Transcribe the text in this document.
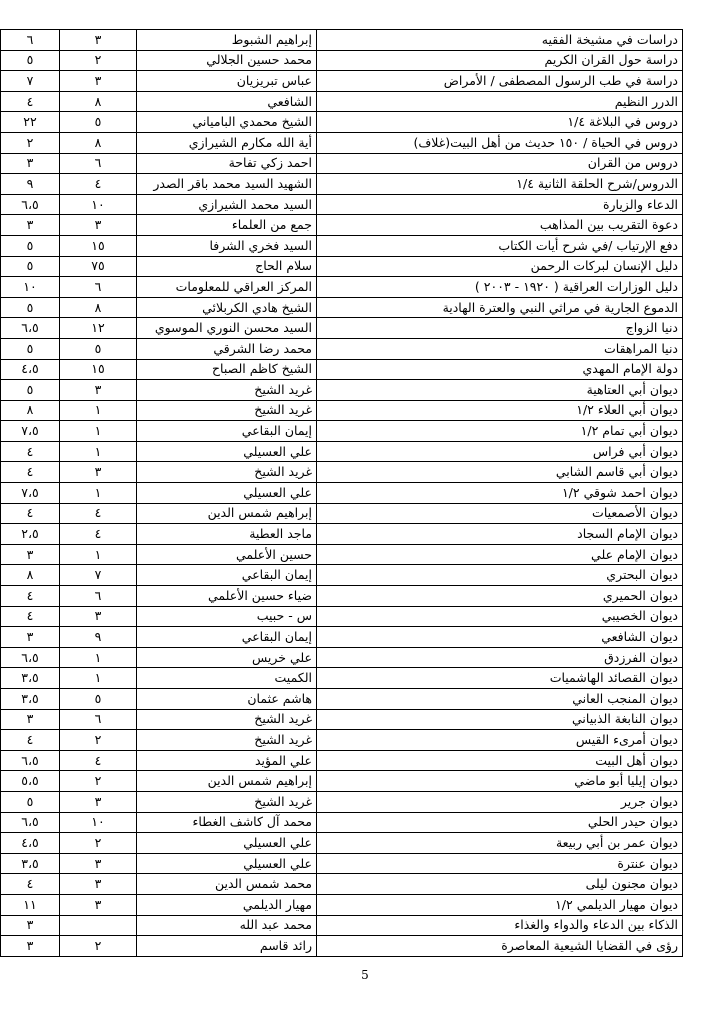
٦	٣	إبراهيم الشبوط	دراسات في مشيخة الفقيه
٥	٢	محمد حسين الجلالي	دراسة حول القران الكريم
٧	٣	عباس تبريزيان	دراسة في طب الرسول المصطفى / الأمراض
٤	٨	الشافعي	الدرر النظيم
٢٢	٥	الشيخ محمدي البامياني	دروس في البلاغة ١/٤
٢	٨	أية الله مكارم الشيرازي	دروس في الحياة / ١٥٠ حديث من أهل البيت(غلاف)
٣	٦	احمد زكي تفاحة	دروس من القران
٩	٤	الشهيد السيد محمد باقر الصدر	الدروس/شرح الحلقة الثانية ١/٤
٦،٥	١٠	السيد محمد الشيرازي	الدعاء والزيارة
٣	٣	جمع من العلماء	دعوة التقريب بين المذاهب
٥	١٥	السيد فخري الشرفا	دفع الإرتياب /في شرح أيات الكتاب
٥	٧٥	سلام الحاج	دليل الإنسان لبركات الرحمن
١٠	٦	المركز العراقي للمعلومات	دليل الوزارات العراقية ( ١٩٢٠ - ٢٠٠٣ )
٥	٨	الشيخ هادي الكربلائي	الدموع الجارية في مراثي النبي والعترة الهادية
٦،٥	١٢	السيد محسن النوري الموسوي	دنيا الزواج
٥	٥	محمد رضا الشرقي	دنيا المراهقات
٤،٥	١٥	الشيخ كاظم الصباح	دولة الإمام المهدي
٥	٣	غريد الشيخ	ديوان أبي العتاهية
٨	١	غريد الشيخ	ديوان أبي العلاء ١/٢
٧،٥	١	إيمان البقاعي	ديوان أبي تمام ١/٢
٤	١	علي العسيلي	ديوان أبي فراس
٤	٣	غريد الشيخ	ديوان أبي قاسم الشابي
٧،٥	١	علي العسيلي	ديوان احمد شوقي ١/٢
٤	٤	إبراهيم شمس الدين	ديوان الأصمعيات
٢،٥	٤	ماجد العطية	ديوان الإمام السجاد
٣	١	حسين الأعلمي	ديوان الإمام علي
٨	٧	إيمان البقاعي	ديوان البحتري
٤	٦	ضياء حسين الأعلمي	ديوان الحميري
٤	٣	س - حبيب	ديوان الخصيبي
٣	٩	إيمان البقاعي	ديوان الشافعي
٦،٥	١	علي خريس	ديوان الفرزدق
٣،٥	١	الكميت	ديوان القصائد الهاشميات
٣،٥	٥	هاشم عثمان	ديوان المنجب العاني
٣	٦	غريد الشيخ	ديوان النابغة الذبياني
٤	٢	غريد الشيخ	ديوان أمرىء القيس
٦،٥	٤	علي المؤيد	ديوان أهل البيت
٥،٥	٢	إبراهيم شمس الدين	ديوان إيليا أبو ماضي
٥	٣	غريد الشيخ	ديوان جرير
٦،٥	١٠	محمد آل كاشف الغطاء	ديوان حيدر الحلي
٤،٥	٢	علي العسيلي	ديوان عمر بن أبي ربيعة
٣،٥	٣	علي العسيلي	ديوان عنترة
٤	٣	محمد شمس الدين	ديوان مجنون ليلى
١١	٣	مهيار الديلمي	ديوان مهيار الديلمي ١/٢
٣		محمد عبد الله	الذكاء بين الدعاء والدواء والغذاء
٣	٢	رائد قاسم	رؤى في القضايا الشيعية المعاصرة
5
